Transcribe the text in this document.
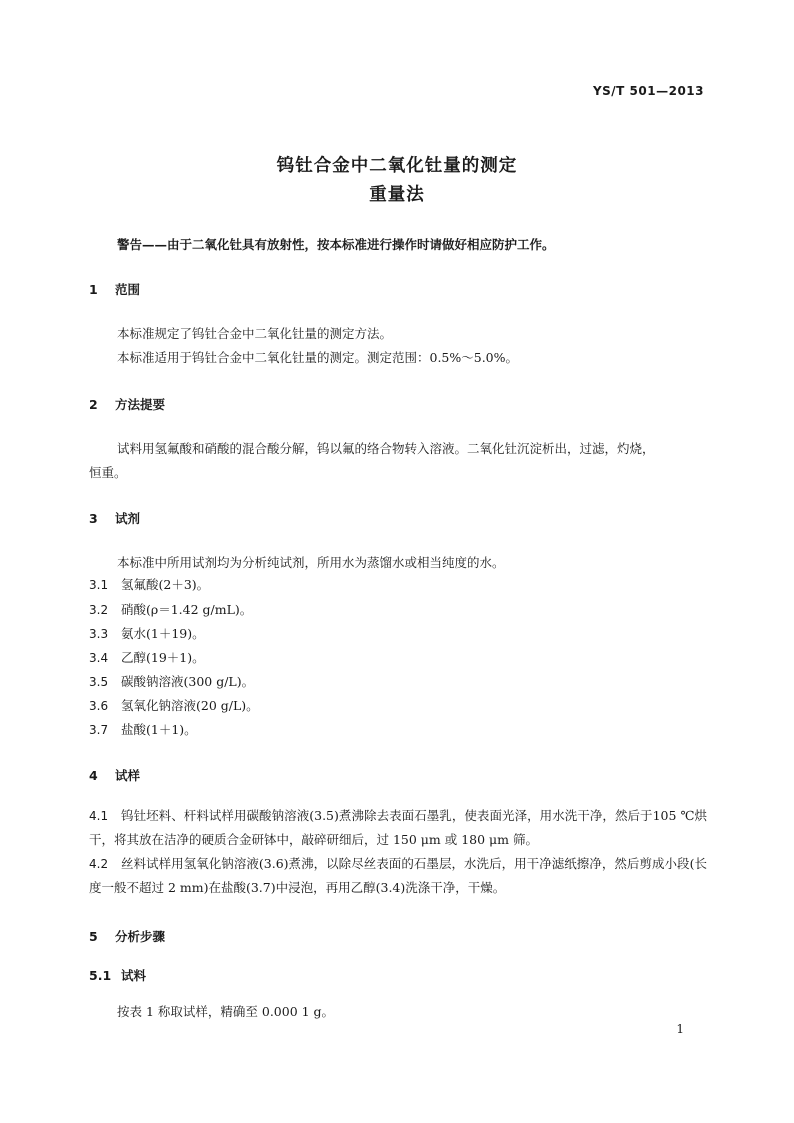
YS/T 501—2013
钨钍合金中二氧化钍量的测定
重量法
警告——由于二氧化钍具有放射性，按本标准进行操作时请做好相应防护工作。
1 范围
本标准规定了钨钍合金中二氧化钍量的测定方法。
本标准适用于钨钍合金中二氧化钍量的测定。测定范围：0.5%～5.0%。
2 方法提要
试料用氢氟酸和硝酸的混合酸分解，钨以氟的络合物转入溶液。二氧化钍沉淀析出，过滤，灼烧，
恒重。
3 试剂
本标准中所用试剂均为分析纯试剂，所用水为蒸馏水或相当纯度的水。
3.1 氢氟酸(2＋3)。
3.2 硝酸(ρ＝1.42 g/mL)。
3.3 氨水(1＋19)。
3.4 乙醇(19＋1)。
3.5 碳酸钠溶液(300 g/L)。
3.6 氢氧化钠溶液(20 g/L)。
3.7 盐酸(1＋1)。
4 试样
4.1 钨钍坯料、杆料试样用碳酸钠溶液(3.5)煮沸除去表面石墨乳，使表面光泽，用水洗干净，然后于105 ℃烘干，将其放在洁净的硬质合金研钵中，敲碎研细后，过 150 μm 或 180 μm 筛。
4.2 丝料试样用氢氧化钠溶液(3.6)煮沸，以除尽丝表面的石墨层，水洗后，用干净滤纸擦净，然后剪成小段(长度一般不超过 2 mm)在盐酸(3.7)中浸泡，再用乙醇(3.4)洗涤干净，干燥。
5 分析步骤
5.1 试料
按表 1 称取试样，精确至 0.000 1 g。
1
